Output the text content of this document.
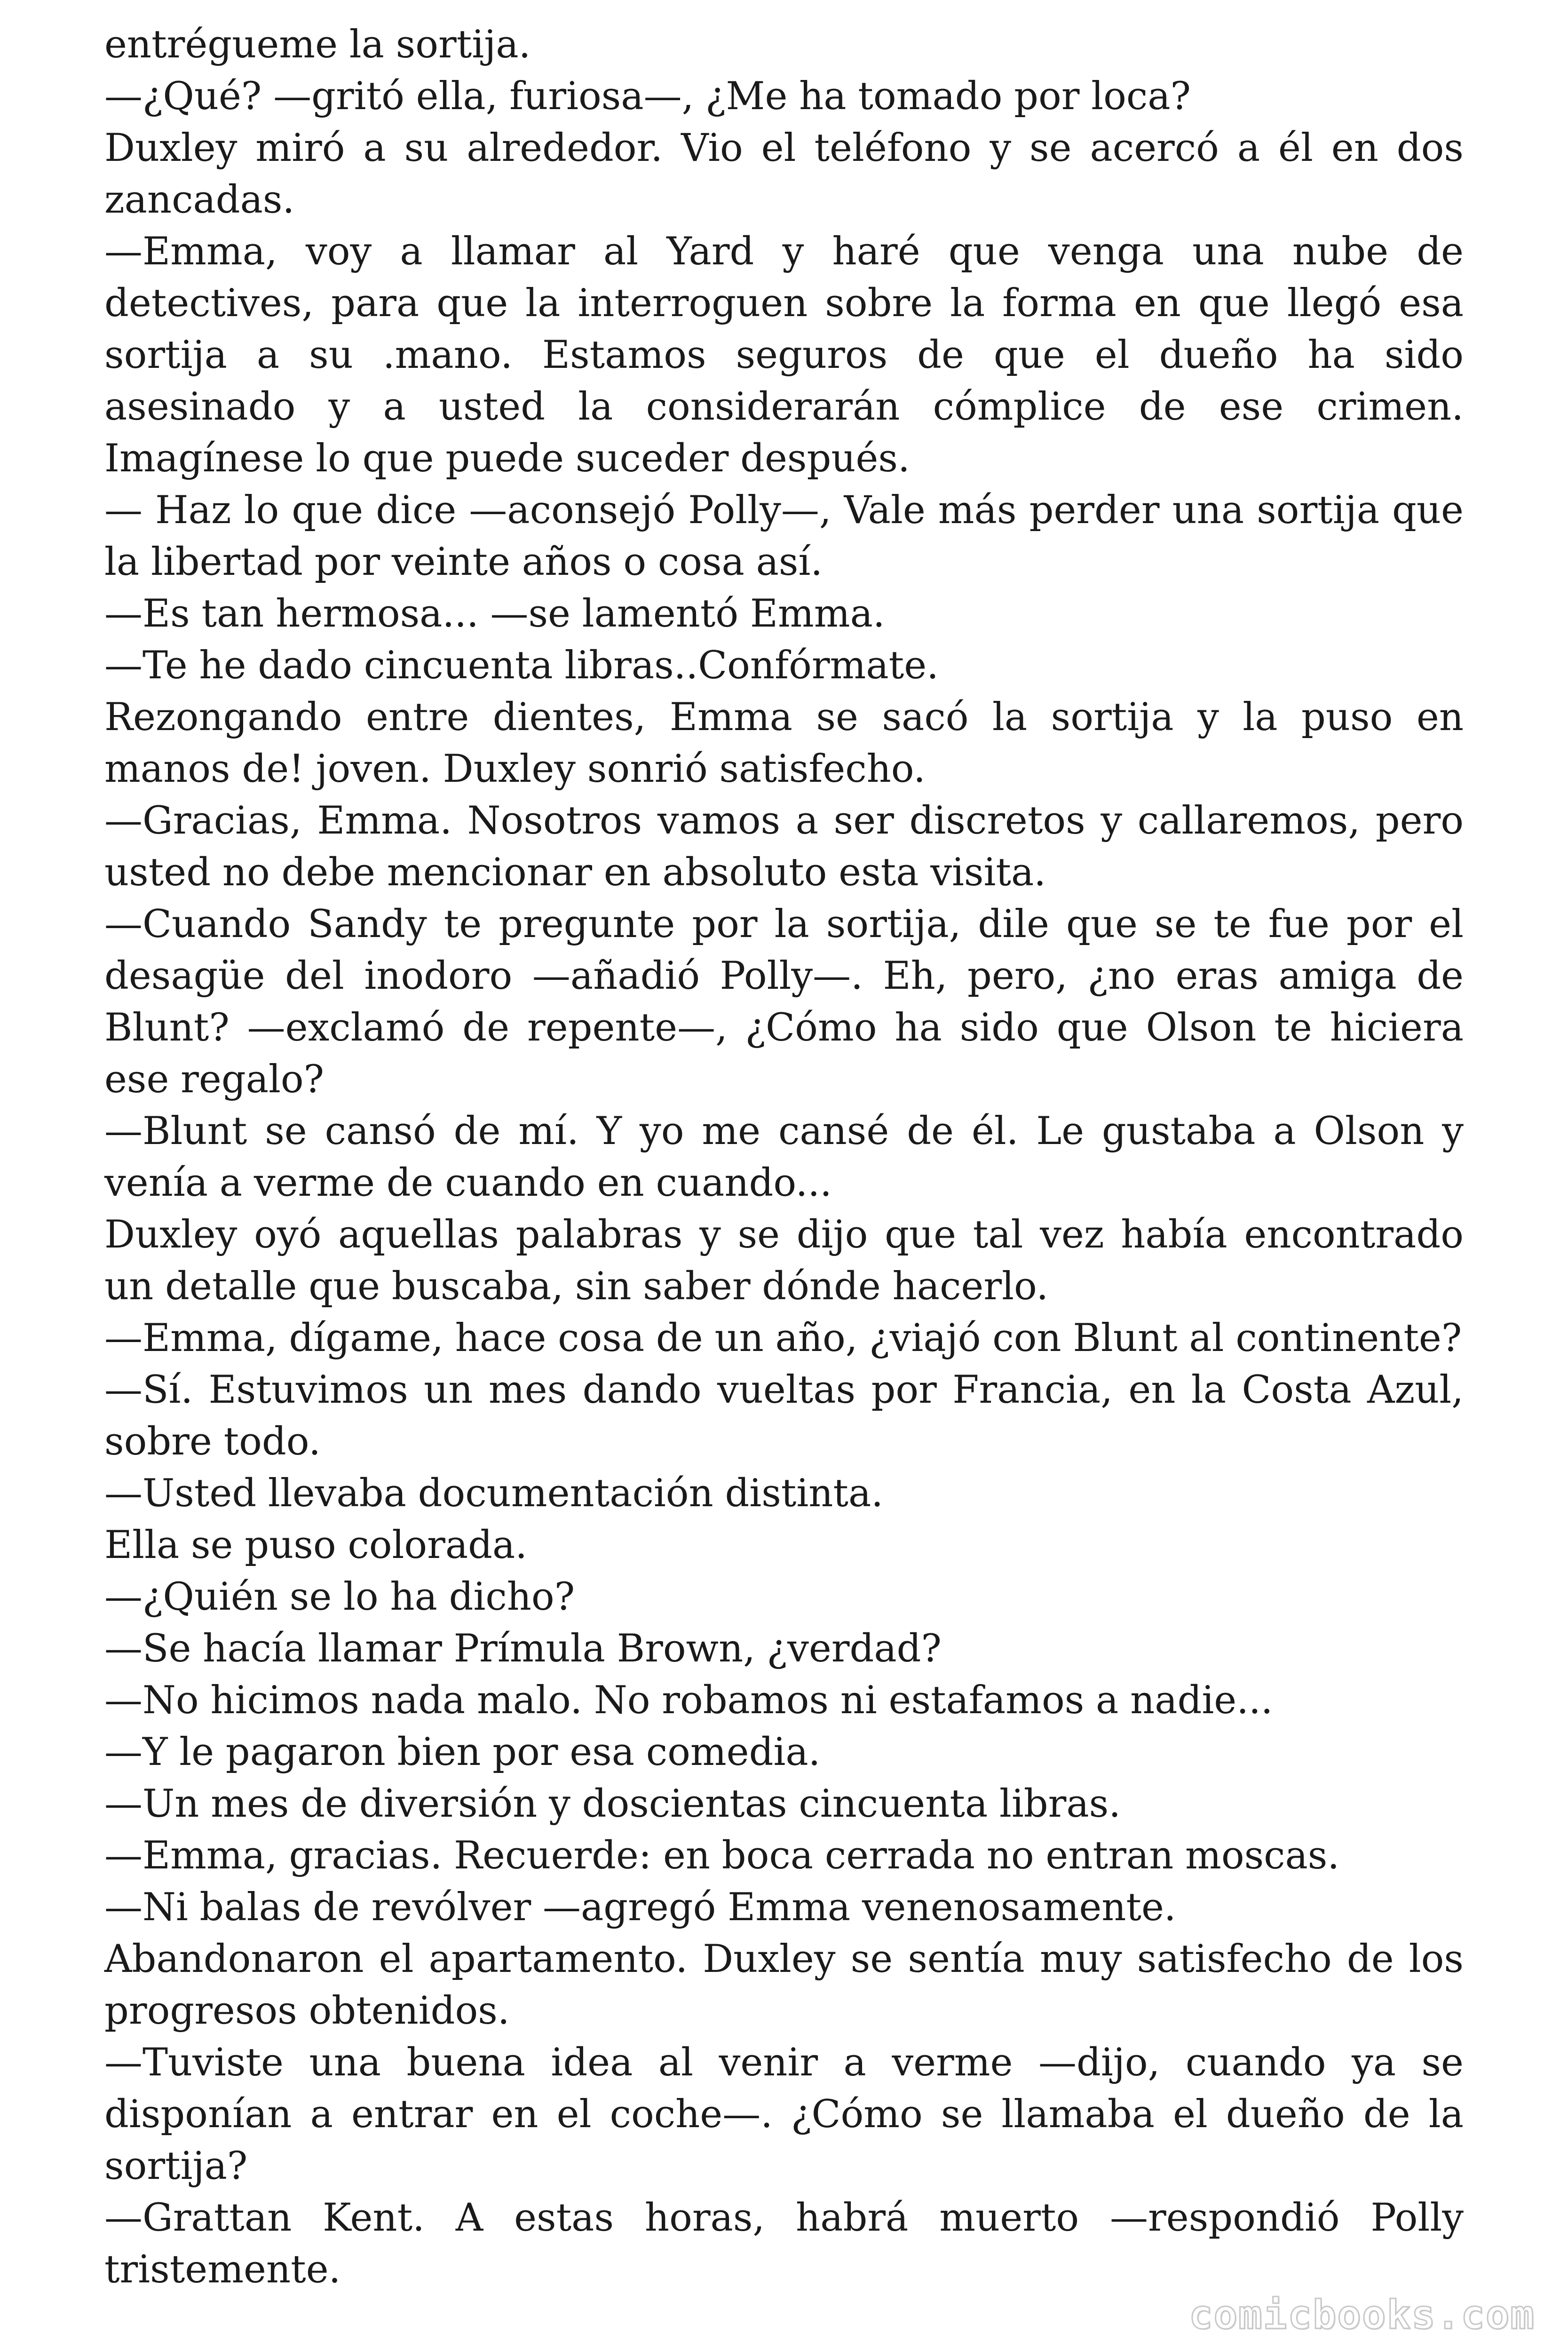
entrégueme la sortija.

—¿Qué? —gritó ella, furiosa—, ¿Me ha tomado por loca?

Duxley miró a su alrededor. Vio el teléfono y se acercó a él en dos zancadas.

—Emma, voy a llamar al Yard y haré que venga una nube de detectives, para que la interroguen sobre la forma en que llegó esa sortija a su .mano. Estamos seguros de que el dueño ha sido asesinado y a usted la considerarán cómplice de ese crimen. Imagínese lo que puede suceder después.

— Haz lo que dice —aconsejó Polly—, Vale más perder una sortija que la libertad por veinte años o cosa así.

—Es tan hermosa... —se lamentó Emma.

—Te he dado cincuenta libras..Confórmate.

Rezongando entre dientes, Emma se sacó la sortija y la puso en manos de! joven. Duxley sonrió satisfecho.

—Gracias, Emma. Nosotros vamos a ser discretos y callaremos, pero usted no debe mencionar en absoluto esta visita.

—Cuando Sandy te pregunte por la sortija, dile que se te fue por el desagüe del inodoro —añadió Polly—. Eh, pero, ¿no eras amiga de Blunt? —exclamó de repente—, ¿Cómo ha sido que Olson te hiciera ese regalo?

—Blunt se cansó de mí. Y yo me cansé de él. Le gustaba a Olson y venía a verme de cuando en cuando...

Duxley oyó aquellas palabras y se dijo que tal vez había encontrado un detalle que buscaba, sin saber dónde hacerlo.

—Emma, dígame, hace cosa de un año, ¿viajó con Blunt al continente?

—Sí. Estuvimos un mes dando vueltas por Francia, en la Costa Azul, sobre todo.

—Usted llevaba documentación distinta.

Ella se puso colorada.

—¿Quién se lo ha dicho?

—Se hacía llamar Prímula Brown, ¿verdad?

—No hicimos nada malo. No robamos ni estafamos a nadie...

—Y le pagaron bien por esa comedia.

—Un mes de diversión y doscientas cincuenta libras.

—Emma, gracias. Recuerde: en boca cerrada no entran moscas.

—Ni balas de revólver —agregó Emma venenosamente.

Abandonaron el apartamento. Duxley se sentía muy satisfecho de los progresos obtenidos.

—Tuviste una buena idea al venir a verme —dijo, cuando ya se disponían a entrar en el coche—. ¿Cómo se llamaba el dueño de la sortija?

—Grattan Kent. A estas horas, habrá muerto —respondió Polly tristemente.

comicbooks.com
